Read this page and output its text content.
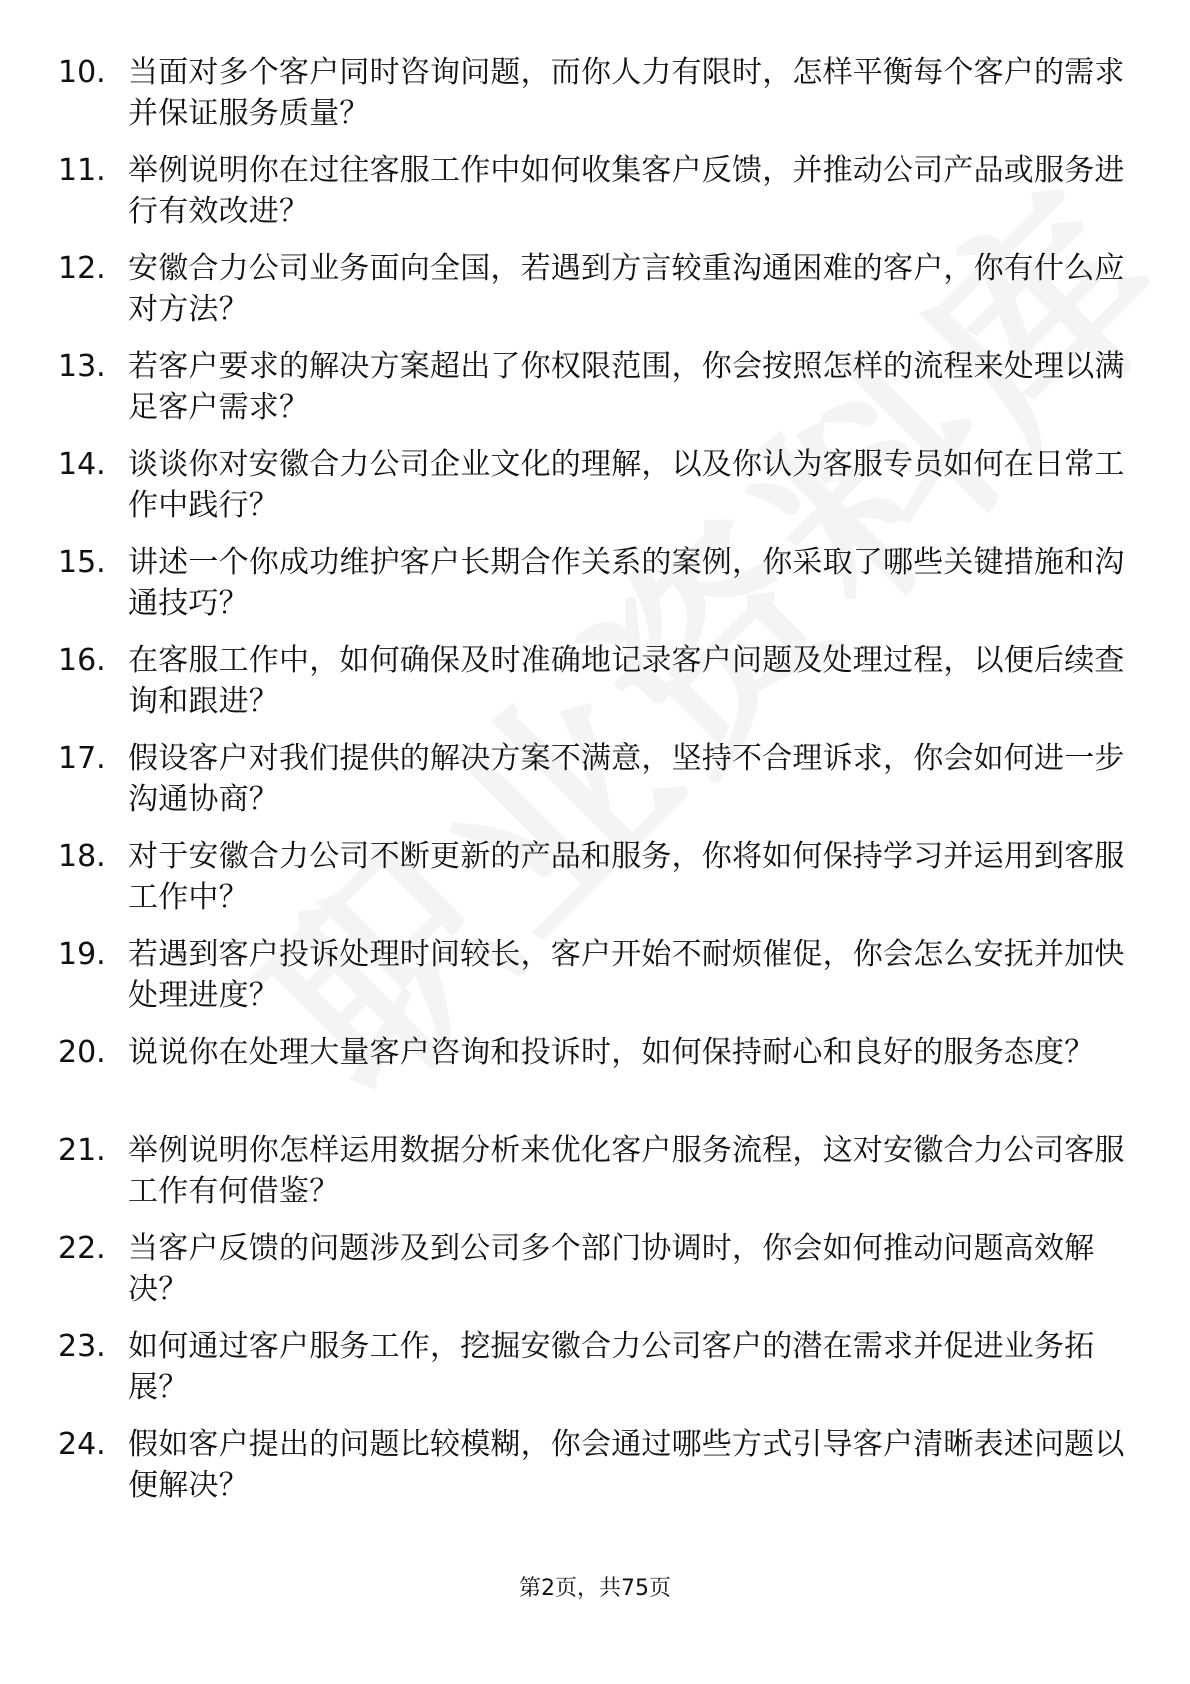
10. 当面对多个客户同时咨询问题，而你人力有限时，怎样平衡每个客户的需求并保证服务质量？
11. 举例说明你在过往客服工作中如何收集客户反馈，并推动公司产品或服务进行有效改进？
12. 安徽合力公司业务面向全国，若遇到方言较重沟通困难的客户，你有什么应对方法？
13. 若客户要求的解决方案超出了你权限范围，你会按照怎样的流程来处理以满足客户需求？
14. 谈谈你对安徽合力公司企业文化的理解，以及你认为客服专员如何在日常工作中践行？
15. 讲述一个你成功维护客户长期合作关系的案例，你采取了哪些关键措施和沟通技巧？
16. 在客服工作中，如何确保及时准确地记录客户问题及处理过程，以便后续查询和跟进？
17. 假设客户对我们提供的解决方案不满意，坚持不合理诉求，你会如何进一步沟通协商？
18. 对于安徽合力公司不断更新的产品和服务，你将如何保持学习并运用到客服工作中？
19. 若遇到客户投诉处理时间较长，客户开始不耐烦催促，你会怎么安抚并加快处理进度？
20. 说说你在处理大量客户咨询和投诉时，如何保持耐心和良好的服务态度？
21. 举例说明你怎样运用数据分析来优化客户服务流程，这对安徽合力公司客服工作有何借鉴？
22. 当客户反馈的问题涉及到公司多个部门协调时，你会如何推动问题高效解决？
23. 如何通过客户服务工作，挖掘安徽合力公司客户的潜在需求并促进业务拓展？
24. 假如客户提出的问题比较模糊，你会通过哪些方式引导客户清晰表述问题以便解决？
第2页，共75页
